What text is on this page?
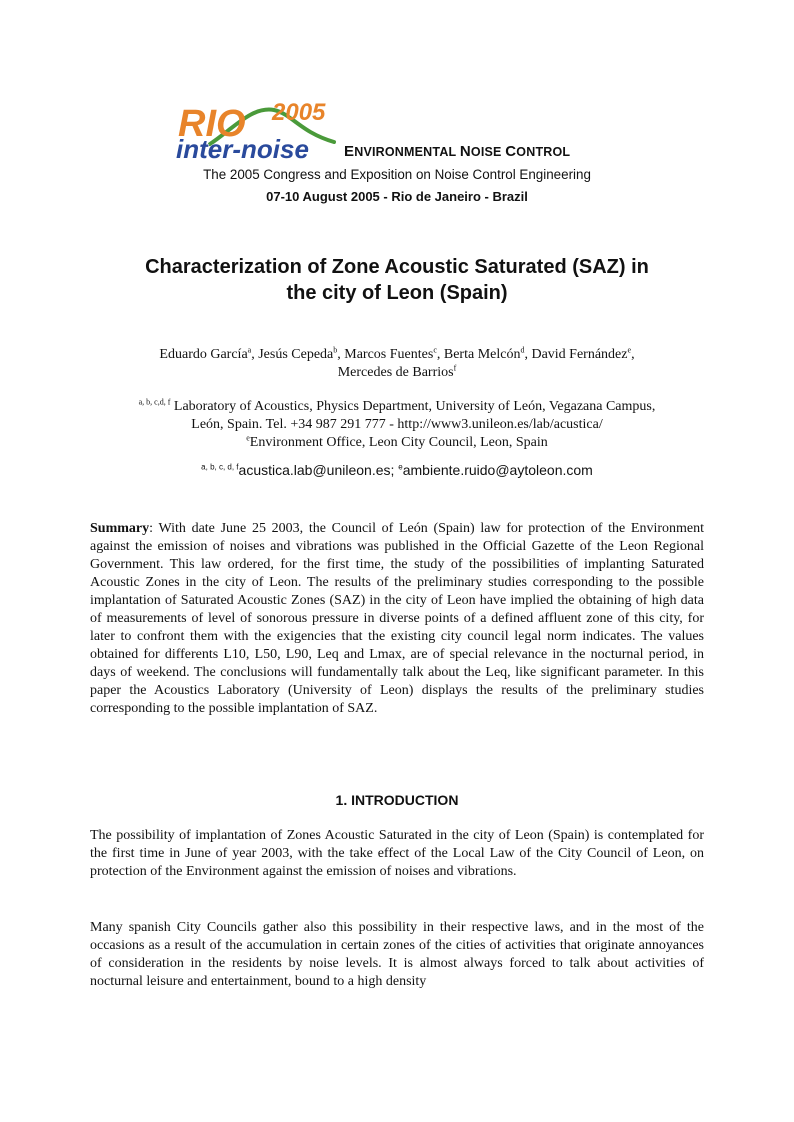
RIO 2005
inter-noise ENVIRONMENTAL NOISE CONTROL
The 2005 Congress and Exposition on Noise Control Engineering
07-10 August 2005 - Rio de Janeiro - Brazil
Characterization of Zone Acoustic Saturated (SAZ) in
the city of Leon (Spain)
Eduardo García$^a$, Jesús Cepeda$^b$, Marcos Fuentes$^c$, Berta Melcón$^d$, David Fernández$^e$,
Mercedes de Barrios$^f$
$^{a, b, c,d, f}$ Laboratory of Acoustics, Physics Department, University of León, Vegazana Campus,
León, Spain. Tel. +34 987 291 777 - http://www3.unileon.es/lab/acustica/
$^e$Environment Office, Leon City Council, Leon, Spain
$^{a, b, c, d, f}$acustica.lab@unileon.es; $^e$ambiente.ruido@aytoleon.com
Summary: With date June 25 2003, the Council of León (Spain) law for protection of the Environment against the emission of noises and vibrations was published in the Official Gazette of the Leon Regional Government. This law ordered, for the first time, the study of the possibilities of implanting Saturated Acoustic Zones in the city of Leon. The results of the preliminary studies corresponding to the possible implantation of Saturated Acoustic Zones (SAZ) in the city of Leon have implied the obtaining of high data of measurements of level of sonorous pressure in diverse points of a defined affluent zone of this city, for later to confront them with the exigencies that the existing city council legal norm indicates. The values obtained for differents L10, L50, L90, Leq and Lmax, are of special relevance in the nocturnal period, in days of weekend. The conclusions will fundamentally talk about the Leq, like significant parameter. In this paper the Acoustics Laboratory (University of Leon) displays the results of the preliminary studies corresponding to the possible implantation of SAZ.
1. INTRODUCTION
The possibility of implantation of Zones Acoustic Saturated in the city of Leon (Spain) is contemplated for the first time in June of year 2003, with the take effect of the Local Law of the City Council of Leon, on protection of the Environment against the emission of noises and vibrations.
Many spanish City Councils gather also this possibility in their respective laws, and in the most of the occasions as a result of the accumulation in certain zones of the cities of activities that originate annoyances of consideration in the residents by noise levels. It is almost always forced to talk about activities of nocturnal leisure and entertainment, bound to a high density
